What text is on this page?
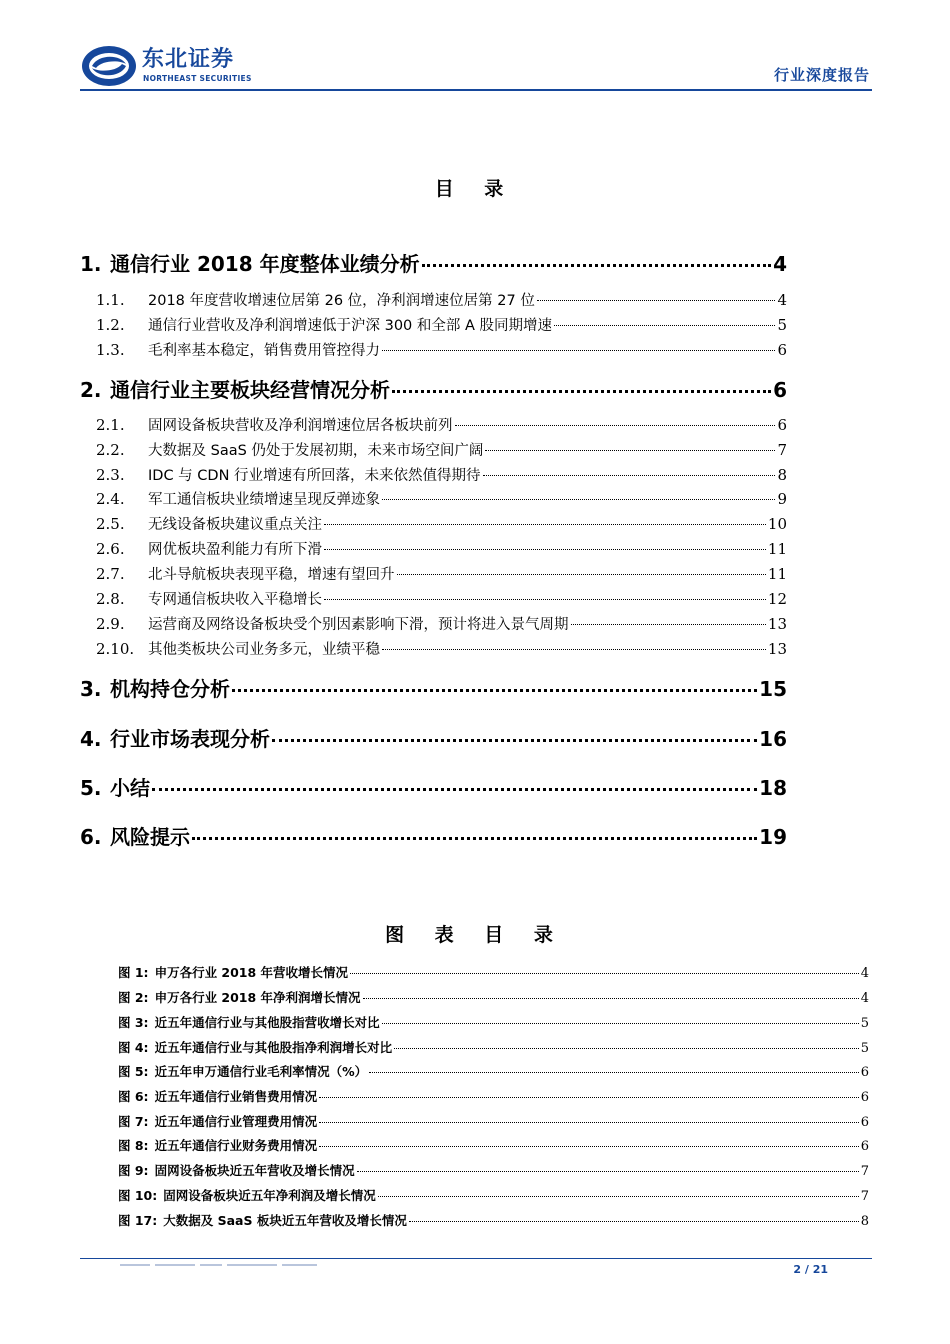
东北证券
NORTHEAST SECURITIES	行业深度报告
目 录
1. 通信行业 2018 年度整体业绩分析	4
1.1.	2018 年度营收增速位居第 26 位，净利润增速位居第 27 位	4
1.2.	通信行业营收及净利润增速低于沪深 300 和全部 A 股同期增速	5
1.3.	毛利率基本稳定，销售费用管控得力	6
2. 通信行业主要板块经营情况分析	6
2.1.	固网设备板块营收及净利润增速位居各板块前列	6
2.2.	大数据及 SaaS 仍处于发展初期，未来市场空间广阔	7
2.3.	IDC 与 CDN 行业增速有所回落，未来依然值得期待	8
2.4.	军工通信板块业绩增速呈现反弹迹象	9
2.5.	无线设备板块建议重点关注	10
2.6.	网优板块盈利能力有所下滑	11
2.7.	北斗导航板块表现平稳，增速有望回升	11
2.8.	专网通信板块收入平稳增长	12
2.9.	运营商及网络设备板块受个别因素影响下滑，预计将进入景气周期	13
2.10. 其他类板块公司业务多元，业绩平稳	13
3. 机构持仓分析	15
4. 行业市场表现分析	16
5. 小结	18
6. 风险提示	19
图 表 目 录
图 1: 申万各行业 2018 年营收增长情况	4
图 2: 申万各行业 2018 年净利润增长情况	4
图 3: 近五年通信行业与其他股指营收增长对比	5
图 4: 近五年通信行业与其他股指净利润增长对比	5
图 5: 近五年申万通信行业毛利率情况（%）	6
图 6: 近五年通信行业销售费用情况	6
图 7: 近五年通信行业管理费用情况	6
图 8: 近五年通信行业财务费用情况	6
图 9: 固网设备板块近五年营收及增长情况	7
图 10: 固网设备板块近五年净利润及增长情况	7
图 17: 大数据及 SaaS 板块近五年营收及增长情况	8
2 / 21
